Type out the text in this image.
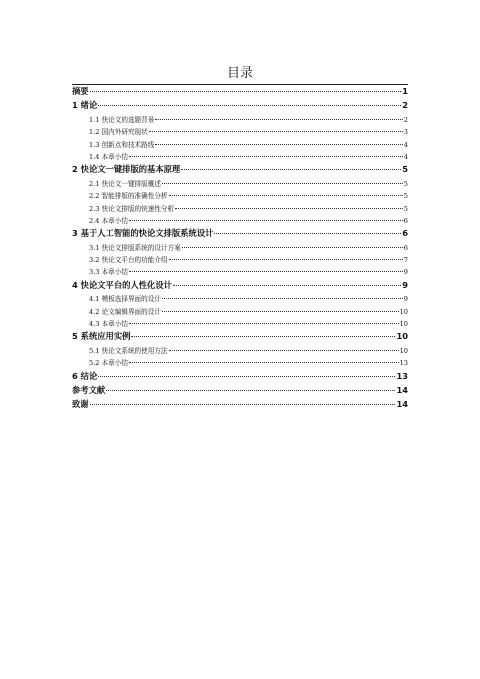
目录
摘要	1
1 绪论	2
1.1 快论文的选题背景	2
1.2 国内外研究现状	3
1.3 创新点和技术路线	4
1.4 本章小结	4
2 快论文一键排版的基本原理	5
2.1 快论文一键排版概述	5
2.2 智能排版的准确性分析	5
2.3 快论文排版的快速性分析	5
2.4 本章小结	6
3 基于人工智能的快论文排版系统设计	6
3.1 快论文排版系统的设计方案	6
3.2 快论文平台的功能介绍	7
3.3 本章小结	9
4 快论文平台的人性化设计	9
4.1 模板选择界面的设计	9
4.2 论文编辑界面的设计	10
4.3 本章小结	10
5 系统应用实例	10
5.1 快论文系统的使用方法	10
5.2 本章小结	13
6 结论	13
参考文献	14
致谢	14
